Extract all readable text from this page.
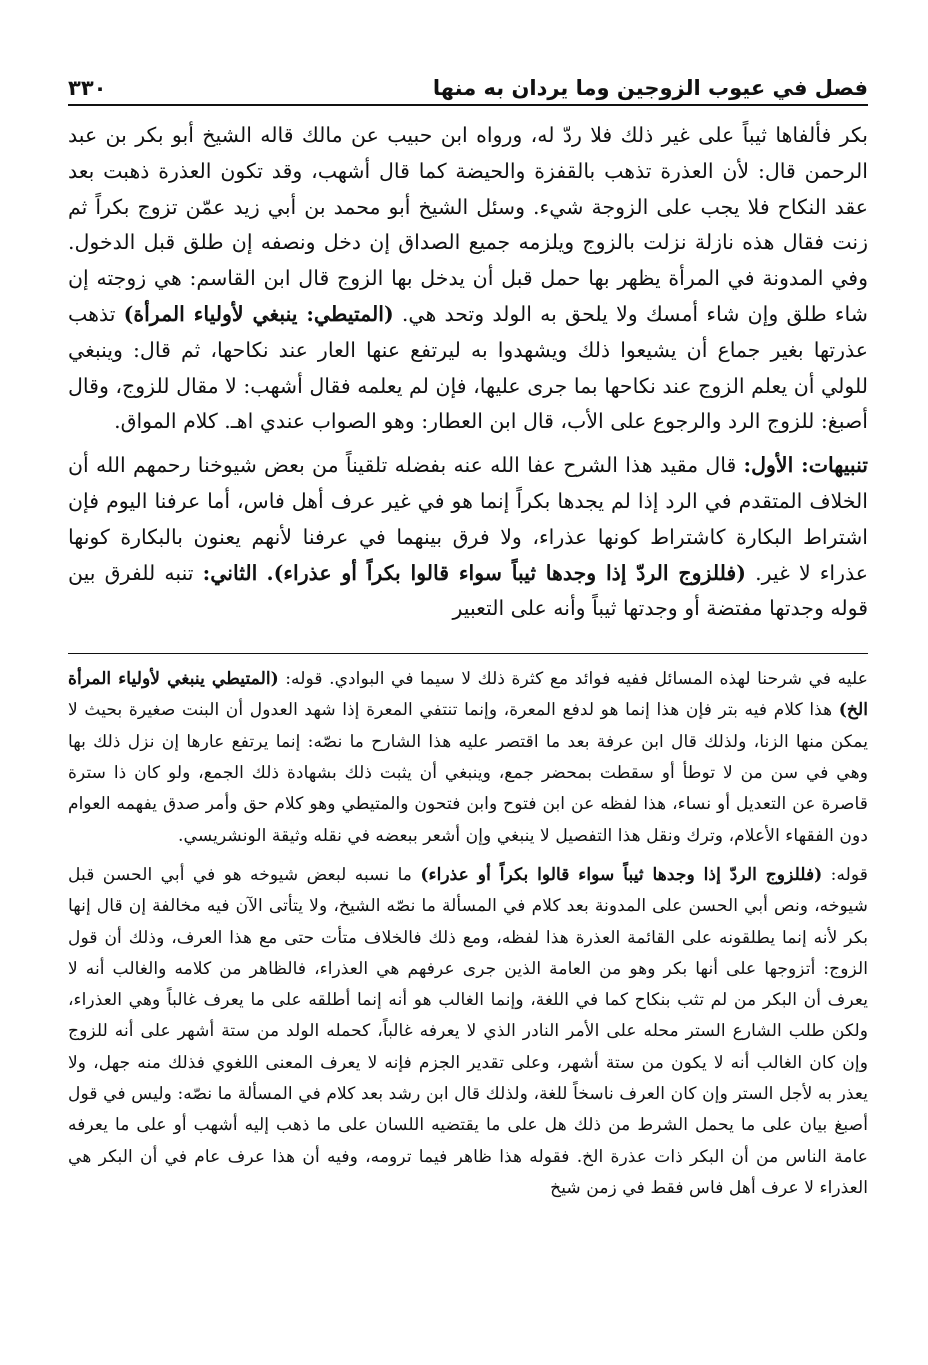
فصل في عيوب الزوجين وما يردان به منها
٣٣٠

بكر فألفاها ثيباً على غير ذلك فلا ردّ له، ورواه ابن حبيب عن مالك قاله الشيخ أبو بكر بن عبد الرحمن قال: لأن العذرة تذهب بالقفزة والحيضة كما قال أشهب، وقد تكون العذرة ذهبت بعد عقد النكاح فلا يجب على الزوجة شيء. وسئل الشيخ أبو محمد بن أبي زيد عمّن تزوج بكراً ثم زنت فقال هذه نازلة نزلت بالزوج ويلزمه جميع الصداق إن دخل ونصفه إن طلق قبل الدخول. وفي المدونة في المرأة يظهر بها حمل قبل أن يدخل بها الزوج قال ابن القاسم: هي زوجته إن شاء طلق وإن شاء أمسك ولا يلحق به الولد وتحد هي. (المتيطي: ينبغي لأولياء المرأة) تذهب عذرتها بغير جماع أن يشيعوا ذلك ويشهدوا به ليرتفع عنها العار عند نكاحها، ثم قال: وينبغي للولي أن يعلم الزوج عند نكاحها بما جرى عليها، فإن لم يعلمه فقال أشهب: لا مقال للزوج، وقال أصبغ: للزوج الرد والرجوع على الأب، قال ابن العطار: وهو الصواب عندي اهـ. كلام المواق.

تنبيهات: الأول: قال مقيد هذا الشرح عفا الله عنه بفضله تلقيناً من بعض شيوخنا رحمهم الله أن الخلاف المتقدم في الرد إذا لم يجدها بكراً إنما هو في غير عرف أهل فاس، أما عرفنا اليوم فإن اشتراط البكارة كاشتراط كونها عذراء، ولا فرق بينهما في عرفنا لأنهم يعنون بالبكارة كونها عذراء لا غير. (فللزوج الردّ إذا وجدها ثيباً سواء قالوا بكراً أو عذراء). الثاني: تنبه للفرق بين قوله وجدتها مفتضة أو وجدتها ثيباً وأنه على التعبير

عليه في شرحنا لهذه المسائل ففيه فوائد مع كثرة ذلك لا سيما في البوادي. قوله: (المتيطي ينبغي لأولياء المرأة الخ) هذا كلام فيه بتر فإن هذا إنما هو لدفع المعرة، وإنما تنتفي المعرة إذا شهد العدول أن البنت صغيرة بحيث لا يمكن منها الزنا، ولذلك قال ابن عرفة بعد ما اقتصر عليه هذا الشارح ما نصّه: إنما يرتفع عارها إن نزل ذلك بها وهي في سن من لا توطأ أو سقطت بمحضر جمع، وينبغي أن يثبت ذلك بشهادة ذلك الجمع، ولو كان ذا سترة قاصرة عن التعديل أو نساء، هذا لفظه عن ابن فتوح وابن فتحون والمتيطي وهو كلام حق وأمر صدق يفهمه العوام دون الفقهاء الأعلام، وترك ونقل هذا التفصيل لا ينبغي وإن أشعر ببعضه في نقله وثيقة الونشريسي.

قوله: (فللزوج الردّ إذا وجدها ثيباً سواء قالوا بكراً أو عذراء) ما نسبه لبعض شيوخه هو في أبي الحسن قبل شيوخه، ونص أبي الحسن على المدونة بعد كلام في المسألة ما نصّه الشيخ، ولا يتأتى الآن فيه مخالفة إن قال إنها بكر لأنه إنما يطلقونه على القائمة العذرة هذا لفظه، ومع ذلك فالخلاف متأت حتى مع هذا العرف، وذلك أن قول الزوج: أتزوجها على أنها بكر وهو من العامة الذين جرى عرفهم هي العذراء، فالظاهر من كلامه والغالب أنه لا يعرف أن البكر من لم تثب بنكاح كما في اللغة، وإنما الغالب هو أنه إنما أطلقه على ما يعرف غالباً وهي العذراء، ولكن طلب الشارع الستر محله على الأمر النادر الذي لا يعرفه غالباً، كحمله الولد من ستة أشهر على أنه للزوج وإن كان الغالب أنه لا يكون من ستة أشهر، وعلى تقدير الجزم فإنه لا يعرف المعنى اللغوي فذلك منه جهل، ولا يعذر به لأجل الستر وإن كان العرف ناسخاً للغة، ولذلك قال ابن رشد بعد كلام في المسألة ما نصّه: وليس في قول أصبغ بيان على ما يحمل الشرط من ذلك هل على ما يقتضيه اللسان على ما ذهب إليه أشهب أو على ما يعرفه عامة الناس من أن البكر ذات عذرة الخ. فقوله هذا ظاهر فيما ترومه، وفيه أن هذا عرف عام في أن البكر هي العذراء لا عرف أهل فاس فقط في زمن شيخ
